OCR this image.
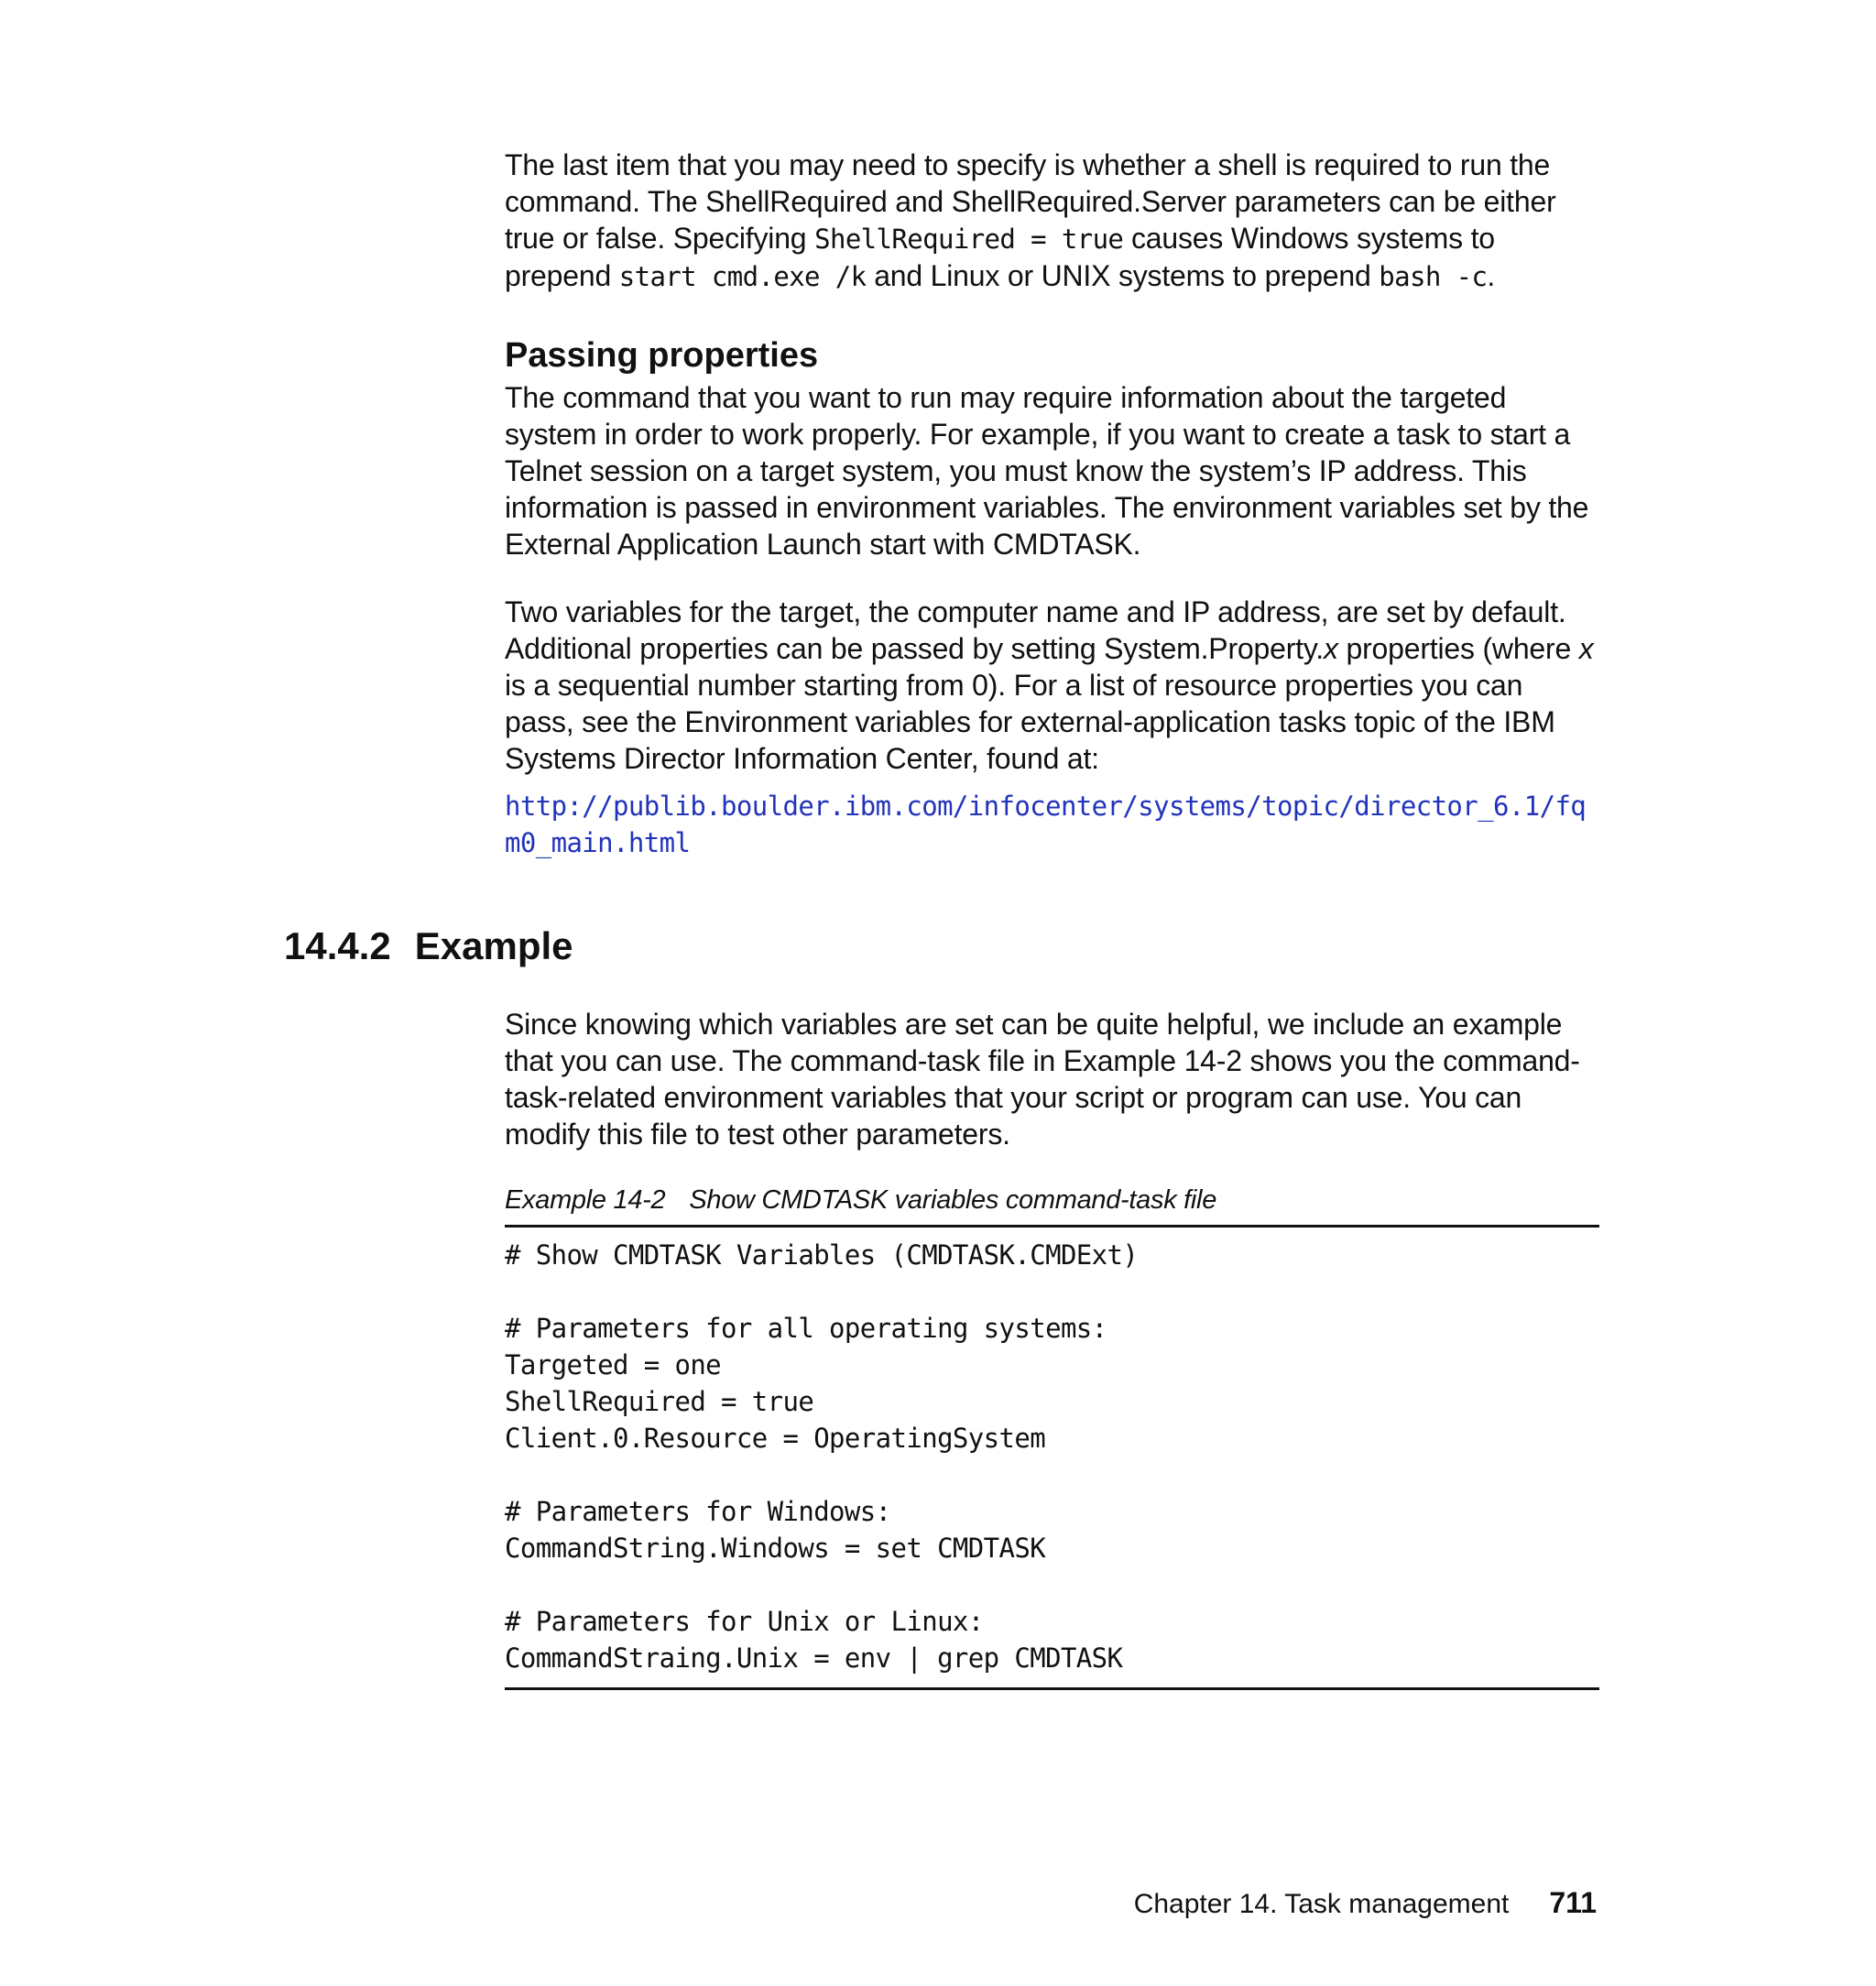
The last item that you may need to specify is whether a shell is required to run the command. The ShellRequired and ShellRequired.Server parameters can be either true or false. Specifying ShellRequired = true causes Windows systems to prepend start cmd.exe /k and Linux or UNIX systems to prepend bash -c.

Passing properties

The command that you want to run may require information about the targeted system in order to work properly. For example, if you want to create a task to start a Telnet session on a target system, you must know the system’s IP address. This information is passed in environment variables. The environment variables set by the External Application Launch start with CMDTASK.

Two variables for the target, the computer name and IP address, are set by default. Additional properties can be passed by setting System.Property.x properties (where x is a sequential number starting from 0). For a list of resource properties you can pass, see the Environment variables for external-application tasks topic of the IBM Systems Director Information Center, found at:

http://publib.boulder.ibm.com/infocenter/systems/topic/director_6.1/fqm0_main.html
14.4.2 Example

Since knowing which variables are set can be quite helpful, we include an example that you can use. The command-task file in Example 14-2 shows you the command-task-related environment variables that your script or program can use. You can modify this file to test other parameters.

Example 14-2 Show CMDTASK variables command-task file

# Show CMDTASK Variables (CMDTASK.CMDExt)

# Parameters for all operating systems:
Targeted = one
ShellRequired = true
Client.0.Resource = OperatingSystem

# Parameters for Windows:
CommandString.Windows = set CMDTASK

# Parameters for Unix or Linux:
CommandStraing.Unix = env | grep CMDTASK
Chapter 14. Task management 711
